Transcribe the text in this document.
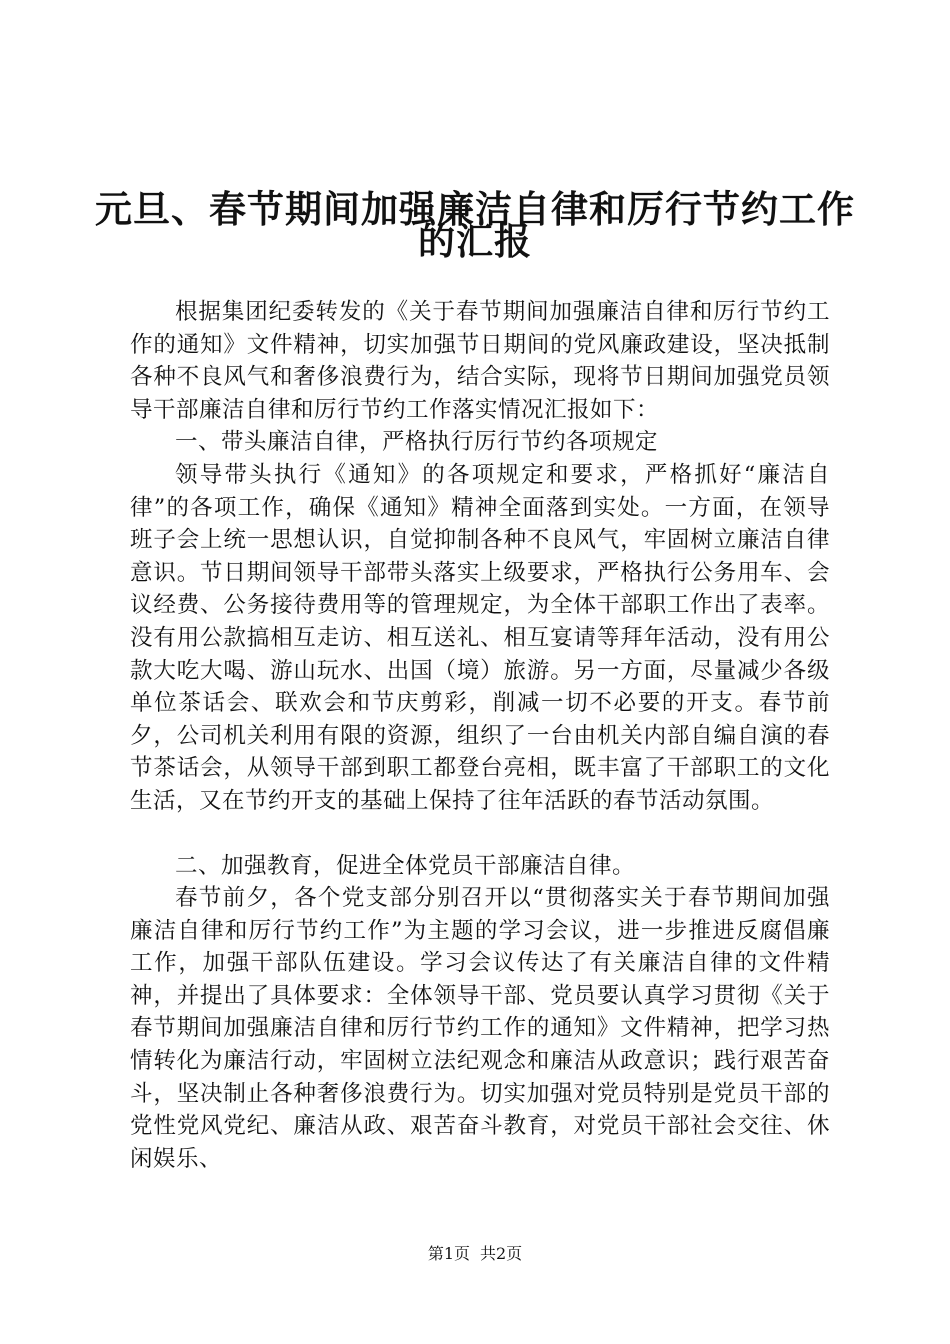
元旦、春节期间加强廉洁自律和厉行节约工作
的汇报

根据集团纪委转发的《关于春节期间加强廉洁自律和厉行节约工作的通知》文件精神，切实加强节日期间的党风廉政建设，坚决抵制各种不良风气和奢侈浪费行为，结合实际，现将节日期间加强党员领导干部廉洁自律和厉行节约工作落实情况汇报如下：

一、带头廉洁自律，严格执行厉行节约各项规定

领导带头执行《通知》的各项规定和要求，严格抓好“廉洁自律”的各项工作，确保《通知》精神全面落到实处。一方面，在领导班子会上统一思想认识，自觉抑制各种不良风气，牢固树立廉洁自律意识。节日期间领导干部带头落实上级要求，严格执行公务用车、会议经费、公务接待费用等的管理规定，为全体干部职工作出了表率。没有用公款搞相互走访、相互送礼、相互宴请等拜年活动，没有用公款大吃大喝、游山玩水、出国（境）旅游。另一方面，尽量减少各级单位茶话会、联欢会和节庆剪彩，削减一切不必要的开支。春节前夕，公司机关利用有限的资源，组织了一台由机关内部自编自演的春节茶话会，从领导干部到职工都登台亮相，既丰富了干部职工的文化生活，又在节约开支的基础上保持了往年活跃的春节活动氛围。

二、加强教育，促进全体党员干部廉洁自律。

春节前夕，各个党支部分别召开以“贯彻落实关于春节期间加强廉洁自律和厉行节约工作”为主题的学习会议，进一步推进反腐倡廉工作，加强干部队伍建设。学习会议传达了有关廉洁自律的文件精神，并提出了具体要求：全体领导干部、党员要认真学习贯彻《关于春节期间加强廉洁自律和厉行节约工作的通知》文件精神，把学习热情转化为廉洁行动，牢固树立法纪观念和廉洁从政意识；践行艰苦奋斗，坚决制止各种奢侈浪费行为。切实加强对党员特别是党员干部的党性党风党纪、廉洁从政、艰苦奋斗教育，对党员干部社会交往、休闲娱乐、

第1页 共2页
